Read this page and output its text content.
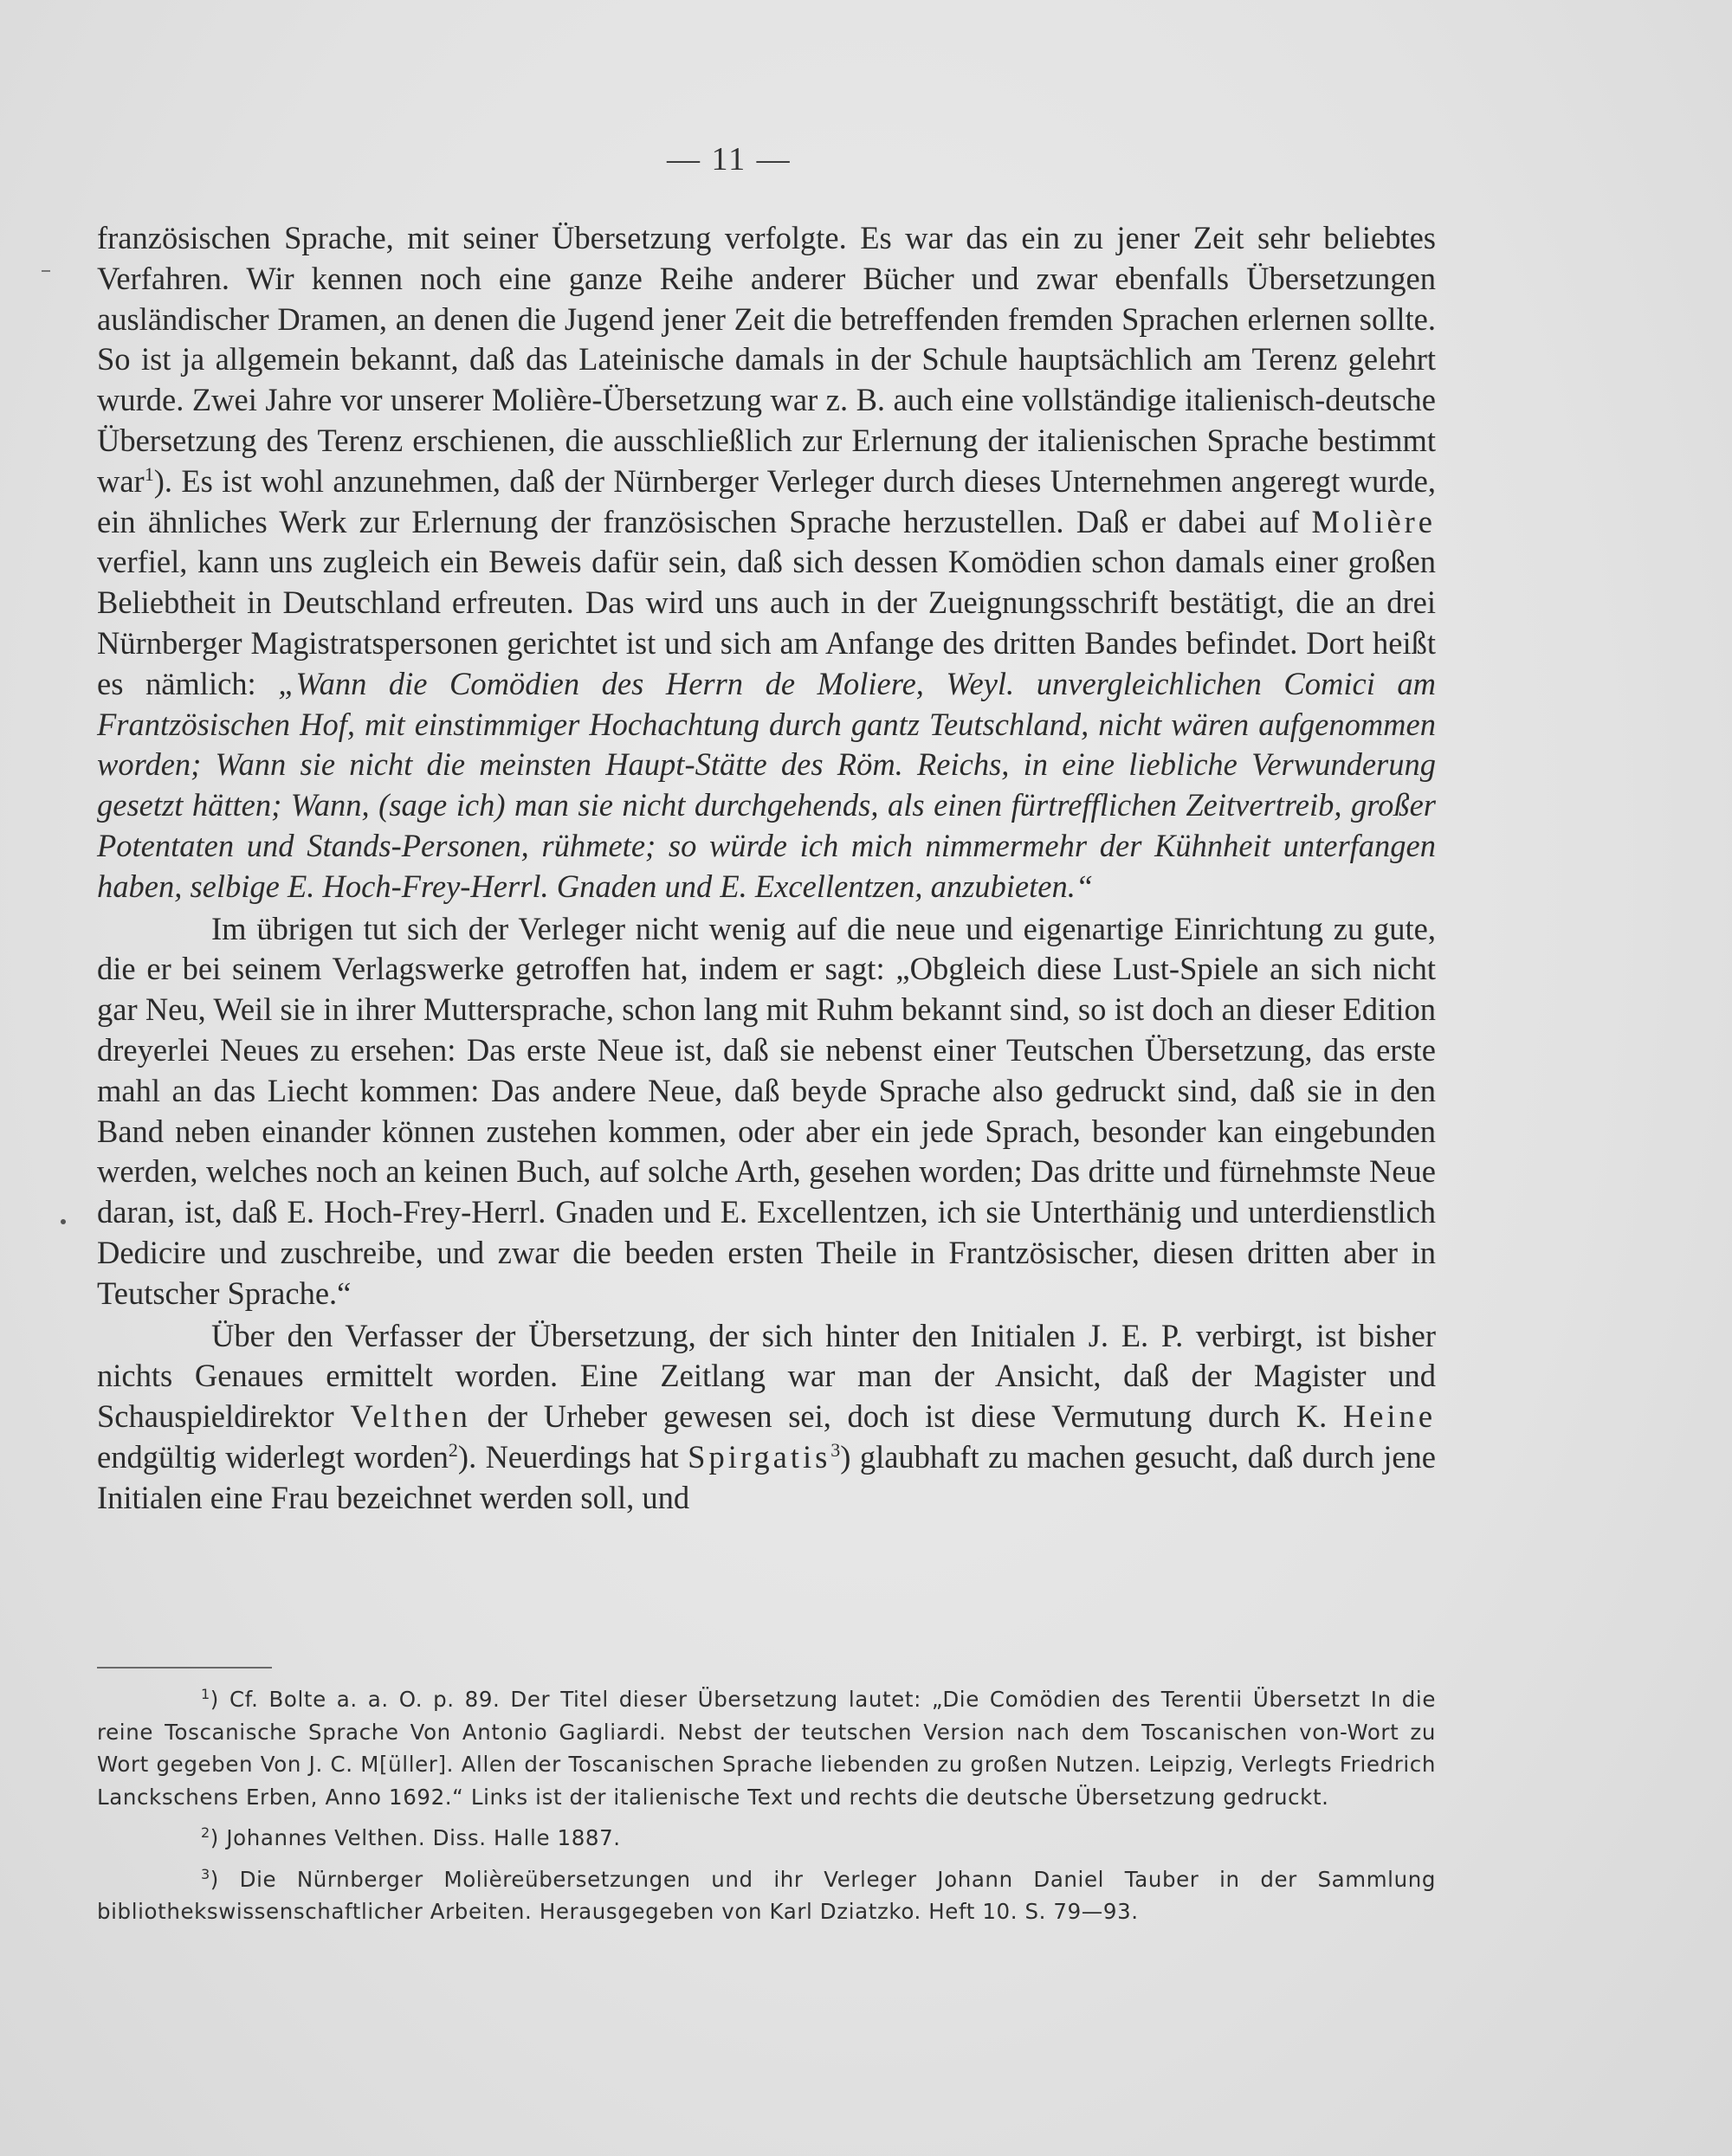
— 11 —

französischen Sprache, mit seiner Übersetzung verfolgte. Es war das ein zu jener Zeit sehr beliebtes Verfahren. Wir kennen noch eine ganze Reihe anderer Bücher und zwar ebenfalls Übersetzungen ausländischer Dramen, an denen die Jugend jener Zeit die betreffenden fremden Sprachen erlernen sollte. So ist ja allgemein bekannt, daß das Lateinische damals in der Schule hauptsächlich am Terenz gelehrt wurde. Zwei Jahre vor unserer Molière-Übersetzung war z. B. auch eine vollständige italienisch-deutsche Übersetzung des Terenz erschienen, die ausschließlich zur Erlernung der italienischen Sprache bestimmt war$^1$). Es ist wohl anzunehmen, daß der Nürnberger Verleger durch dieses Unternehmen angeregt wurde, ein ähnliches Werk zur Erlernung der französischen Sprache herzustellen. Daß er dabei auf Molière verfiel, kann uns zugleich ein Beweis dafür sein, daß sich dessen Komödien schon damals einer großen Beliebtheit in Deutschland erfreuten. Das wird uns auch in der Zueignungsschrift bestätigt, die an drei Nürnberger Magistratspersonen gerichtet ist und sich am Anfange des dritten Bandes befindet. Dort heißt es nämlich: „Wann die Comödien des Herrn de Moliere, Weyl. unvergleichlichen Comici am Frantzösischen Hof, mit einstimmiger Hochachtung durch gantz Teutschland, nicht wären aufgenommen worden; Wann sie nicht die meinsten Haupt-Stätte des Röm. Reichs, in eine liebliche Verwunderung gesetzt hätten; Wann, (sage ich) man sie nicht durchgehends, als einen fürtrefflichen Zeitvertreib, großer Potentaten und Stands-Personen, rühmete; so würde ich mich nimmermehr der Kühnheit unterfangen haben, selbige E. Hoch-Frey-Herrl. Gnaden und E. Excellentzen, anzubieten.“

Im übrigen tut sich der Verleger nicht wenig auf die neue und eigenartige Einrichtung zu gute, die er bei seinem Verlagswerke getroffen hat, indem er sagt: „Obgleich diese Lust-Spiele an sich nicht gar Neu, Weil sie in ihrer Muttersprache, schon lang mit Ruhm bekannt sind, so ist doch an dieser Edition dreyerlei Neues zu ersehen: Das erste Neue ist, daß sie nebenst einer Teutschen Übersetzung, das erste mahl an das Liecht kommen: Das andere Neue, daß beyde Sprache also gedruckt sind, daß sie in den Band neben einander können zustehen kommen, oder aber ein jede Sprach, besonder kan eingebunden werden, welches noch an keinen Buch, auf solche Arth, gesehen worden; Das dritte und fürnehmste Neue daran, ist, daß E. Hoch-Frey-Herrl. Gnaden und E. Excellentzen, ich sie Unterthänig und unterdienstlich Dedicire und zuschreibe, und zwar die beeden ersten Theile in Frantzösischer, diesen dritten aber in Teutscher Sprache.“

Über den Verfasser der Übersetzung, der sich hinter den Initialen J. E. P. verbirgt, ist bisher nichts Genaues ermittelt worden. Eine Zeitlang war man der Ansicht, daß der Magister und Schauspieldirektor Velthen der Urheber gewesen sei, doch ist diese Vermutung durch K. Heine endgültig widerlegt worden$^2$). Neuerdings hat Spirgatis$^3$) glaubhaft zu machen gesucht, daß durch jene Initialen eine Frau bezeichnet werden soll, und

$^1$) Cf. Bolte a. a. O. p. 89. Der Titel dieser Übersetzung lautet: „Die Comödien des Terentii Übersetzt In die reine Toscanische Sprache Von Antonio Gagliardi. Nebst der teutschen Version nach dem Toscanischen von-Wort zu Wort gegeben Von J. C. M[üller]. Allen der Toscanischen Sprache liebenden zu großen Nutzen. Leipzig, Verlegts Friedrich Lanckschens Erben, Anno 1692.“ Links ist der italienische Text und rechts die deutsche Übersetzung gedruckt.

$^2$) Johannes Velthen. Diss. Halle 1887.

$^3$) Die Nürnberger Molièreübersetzungen und ihr Verleger Johann Daniel Tauber in der Sammlung bibliothekswissenschaftlicher Arbeiten. Herausgegeben von Karl Dziatzko. Heft 10. S. 79—93.
